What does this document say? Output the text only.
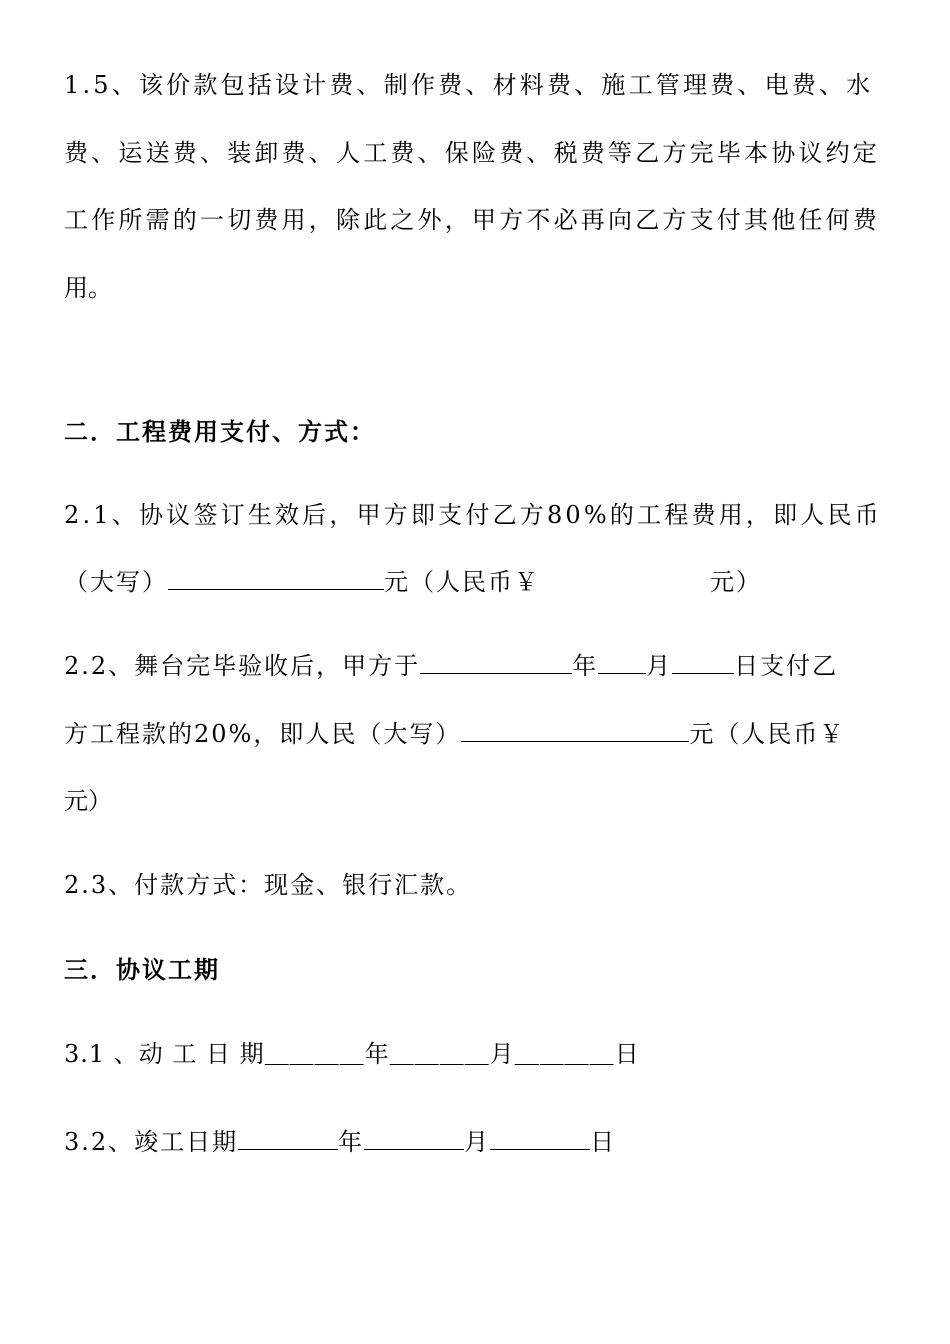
1.5、该价款包括设计费、制作费、材料费、施工管理费、电费、水
费、运送费、装卸费、人工费、保险费、税费等乙方完毕本协议约定
工作所需的一切费用，除此之外，甲方不必再向乙方支付其他任何费
用。
二．工程费用支付、方式：
2.1、协议签订生效后，甲方即支付乙方80%的工程费用，即人民币
（大写）	元（人民币￥	元）
2.2、舞台完毕验收后，甲方于	年 月	日支付乙
方工程款的20%，即人民（大写）	元（人民币￥
元）
2.3、付款方式：现金、银行汇款。
三．协议工期
3.1 、动 工 日 期＿＿＿＿年＿＿＿＿月＿＿＿＿日
3.2、竣工日期	年	月	日
